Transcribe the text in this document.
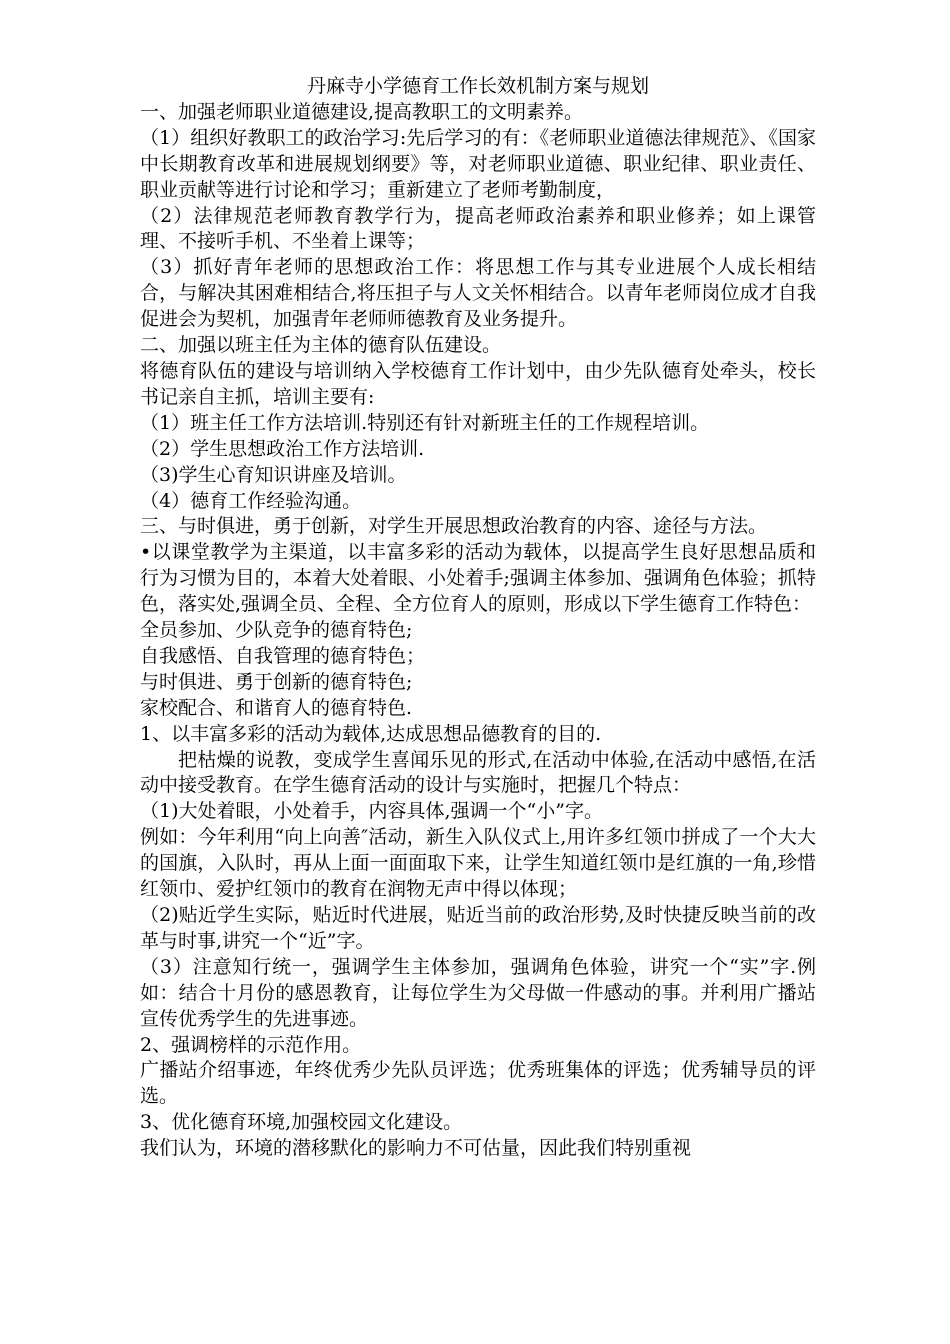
丹麻寺小学德育工作长效机制方案与规划

一、加强老师职业道德建设,提高教职工的文明素养。

（1）组织好教职工的政治学习:先后学习的有：《老师职业道德法律规范》、《国家中长期教育改革和进展规划纲要》等，对老师职业道德、职业纪律、职业责任、职业贡献等进行讨论和学习；重新建立了老师考勤制度，

（2）法律规范老师教育教学行为，提高老师政治素养和职业修养；如上课管理、不接听手机、不坐着上课等；

（3）抓好青年老师的思想政治工作：将思想工作与其专业进展个人成长相结合，与解决其困难相结合,将压担子与人文关怀相结合。以青年老师岗位成才自我促进会为契机，加强青年老师师德教育及业务提升。

二、加强以班主任为主体的德育队伍建设。

将德育队伍的建设与培训纳入学校德育工作计划中，由少先队德育处牵头，校长书记亲自主抓，培训主要有:

（1）班主任工作方法培训.特别还有针对新班主任的工作规程培训。

（2）学生思想政治工作方法培训.

（3)学生心育知识讲座及培训。

（4）德育工作经验沟通。

三、与时俱进，勇于创新，对学生开展思想政治教育的内容、途径与方法。

•以课堂教学为主渠道，以丰富多彩的活动为载体，以提高学生良好思想品质和行为习惯为目的，本着大处着眼、小处着手;强调主体参加、强调角色体验；抓特色，落实处,强调全员、全程、全方位育人的原则，形成以下学生德育工作特色：

全员参加、少队竞争的德育特色;

自我感悟、自我管理的德育特色；

与时俱进、勇于创新的德育特色;

家校配合、和谐育人的德育特色.

1、以丰富多彩的活动为载体,达成思想品德教育的目的.

把枯燥的说教，变成学生喜闻乐见的形式,在活动中体验,在活动中感悟,在活动中接受教育。在学生德育活动的设计与实施时，把握几个特点：

（1)大处着眼，小处着手，内容具体,强调一个“小”字。

例如：今年利用“向上向善″活动，新生入队仪式上,用许多红领巾拼成了一个大大的国旗，入队时，再从上面一面面取下来，让学生知道红领巾是红旗的一角,珍惜红领巾、爱护红领巾的教育在润物无声中得以体现；

（2)贴近学生实际，贴近时代进展，贴近当前的政治形势,及时快捷反映当前的改革与时事,讲究一个“近”字。

（3）注意知行统一，强调学生主体参加，强调角色体验，讲究一个“实”字.例如：结合十月份的感恩教育，让每位学生为父母做一件感动的事。并利用广播站宣传优秀学生的先进事迹。

2、强调榜样的示范作用。

广播站介绍事迹，年终优秀少先队员评选；优秀班集体的评选；优秀辅导员的评选。

3、优化德育环境,加强校园文化建设。

我们认为，环境的潜移默化的影响力不可估量，因此我们特别重视
